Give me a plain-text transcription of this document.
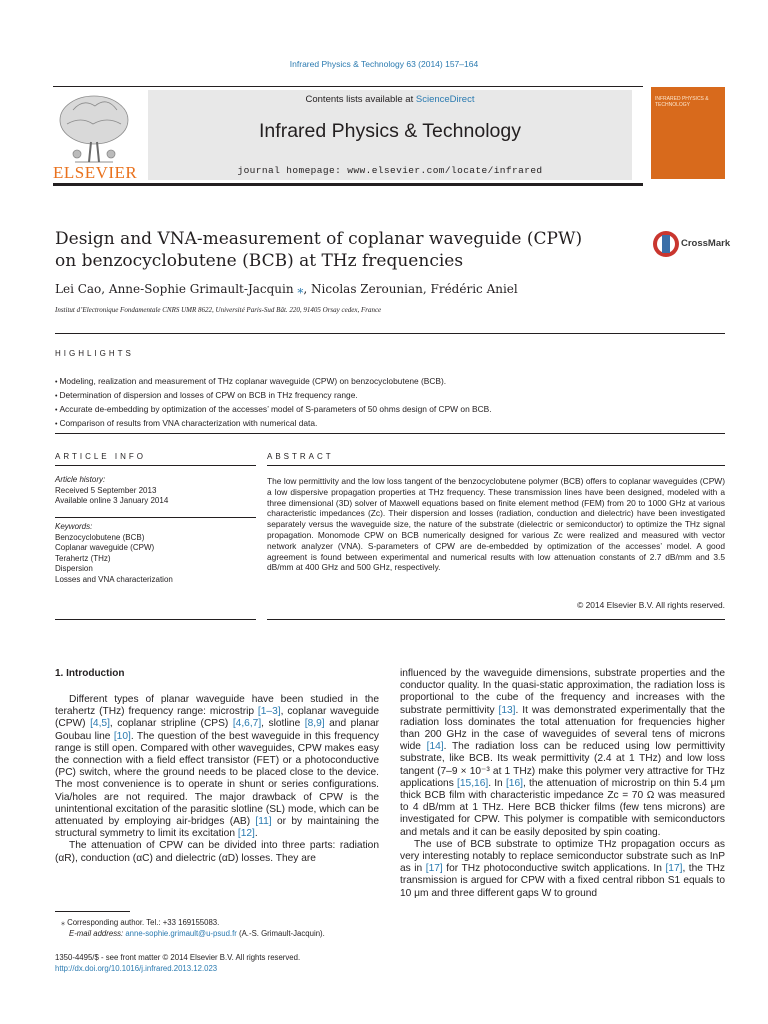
Infrared Physics & Technology 63 (2014) 157–164
ELSEVIER
Contents lists available at ScienceDirect
Infrared Physics & Technology
journal homepage: www.elsevier.com/locate/infrared
INFRARED PHYSICS & TECHNOLOGY
Design and VNA-measurement of coplanar waveguide (CPW)
on benzocyclobutene (BCB) at THz frequencies
CrossMark
Lei Cao, Anne-Sophie Grimault-Jacquin ⁎, Nicolas Zerounian, Frédéric Aniel
Institut d’Electronique Fondamentale CNRS UMR 8622, Université Paris-Sud Bât. 220, 91405 Orsay cedex, France
HIGHLIGHTS
• Modeling, realization and measurement of THz coplanar waveguide (CPW) on benzocyclobutene (BCB).
• Determination of dispersion and losses of CPW on BCB in THz frequency range.
• Accurate de-embedding by optimization of the accesses’ model of S-parameters of 50 ohms design of CPW on BCB.
• Comparison of results from VNA characterization with numerical data.
ARTICLE INFO	ABSTRACT
Article history:
Received 5 September 2013
Available online 3 January 2014
Keywords:
Benzocyclobutene (BCB)
Coplanar waveguide (CPW)
Terahertz (THz)
Dispersion
Losses and VNA characterization
The low permittivity and the low loss tangent of the benzocyclobutene polymer (BCB) offers to coplanar waveguides (CPW) a low dispersive propagation properties at THz frequency. These transmission lines have been designed, modeled with a three dimensional (3D) solver of Maxwell equations based on finite element method (FEM) from 20 to 1000 GHz at various characteristic impedances (Zc). Their dispersion and losses (radiation, conduction and dielectric) have been investigated separately versus the waveguide size, the nature of the substrate (dielectric or semiconductor) to optimize the THz signal propagation. Monomode CPW on BCB numerically designed for various Zc were realized and measured with vector network analyzer (VNA). S-parameters of CPW are de-embedded by optimization of the accesses’ model. A good agreement is found between experimental and numerical results with low attenuation constants of 2.7 dB/mm and 3.5 dB/mm at 400 GHz and 500 GHz, respectively.
© 2014 Elsevier B.V. All rights reserved.
1. Introduction

Different types of planar waveguide have been studied in the terahertz (THz) frequency range: microstrip [1–3], coplanar waveguide (CPW) [4,5], coplanar stripline (CPS) [4,6,7], slotline [8,9] and planar Goubau line [10]. The question of the best waveguide in this frequency range is still open. Compared with other waveguides, CPW makes easy the connection with a field effect transistor (FET) or a photoconductive (PC) switch, where the ground needs to be placed close to the device. The most convenience is to operate in shunt or series configurations. Via/holes are not required. The major drawback of CPW is the unintentional excitation of the parasitic slotline (SL) mode, which can be attenuated by employing air-bridges (AB) [11] or by maintaining the structural symmetry to limit its excitation [12].

The attenuation of CPW can be divided into three parts: radiation (αR), conduction (αC) and dielectric (αD) losses. They are

influenced by the waveguide dimensions, substrate properties and the conductor quality. In the quasi-static approximation, the radiation loss is proportional to the cube of the frequency and increases with the substrate permittivity [13]. It was demonstrated experimentally that the radiation loss dominates the total attenuation for frequencies higher than 200 GHz in the case of waveguides of several tens of microns wide [14]. The radiation loss can be reduced using low permittivity substrate, like BCB. Its weak permittivity (2.4 at 1 THz) and low loss tangent (7–9 × 10⁻³ at 1 THz) make this polymer very attractive for THz applications [15,16]. In [16], the attenuation of microstrip on thin 5.4 μm thick BCB film with characteristic impedance Zc = 70 Ω was measured to 4 dB/mm at 1 THz. Here BCB thicker films (few tens microns) are investigated for CPW. This polymer is compatible with semiconductors and metals and it can be easily deposited by spin coating.

The use of BCB substrate to optimize THz propagation occurs as very interesting notably to replace semiconductor substrate such as InP as in [17] for THz photoconductive switch applications. In [17], the THz transmission is argued for CPW with a fixed central ribbon S1 equals to 10 μm and three different gaps W to ground

⁎ Corresponding author. Tel.: +33 169155083.
E-mail address: anne-sophie.grimault@u-psud.fr (A.-S. Grimault-Jacquin).
1350-4495/$ - see front matter © 2014 Elsevier B.V. All rights reserved.
http://dx.doi.org/10.1016/j.infrared.2013.12.023
